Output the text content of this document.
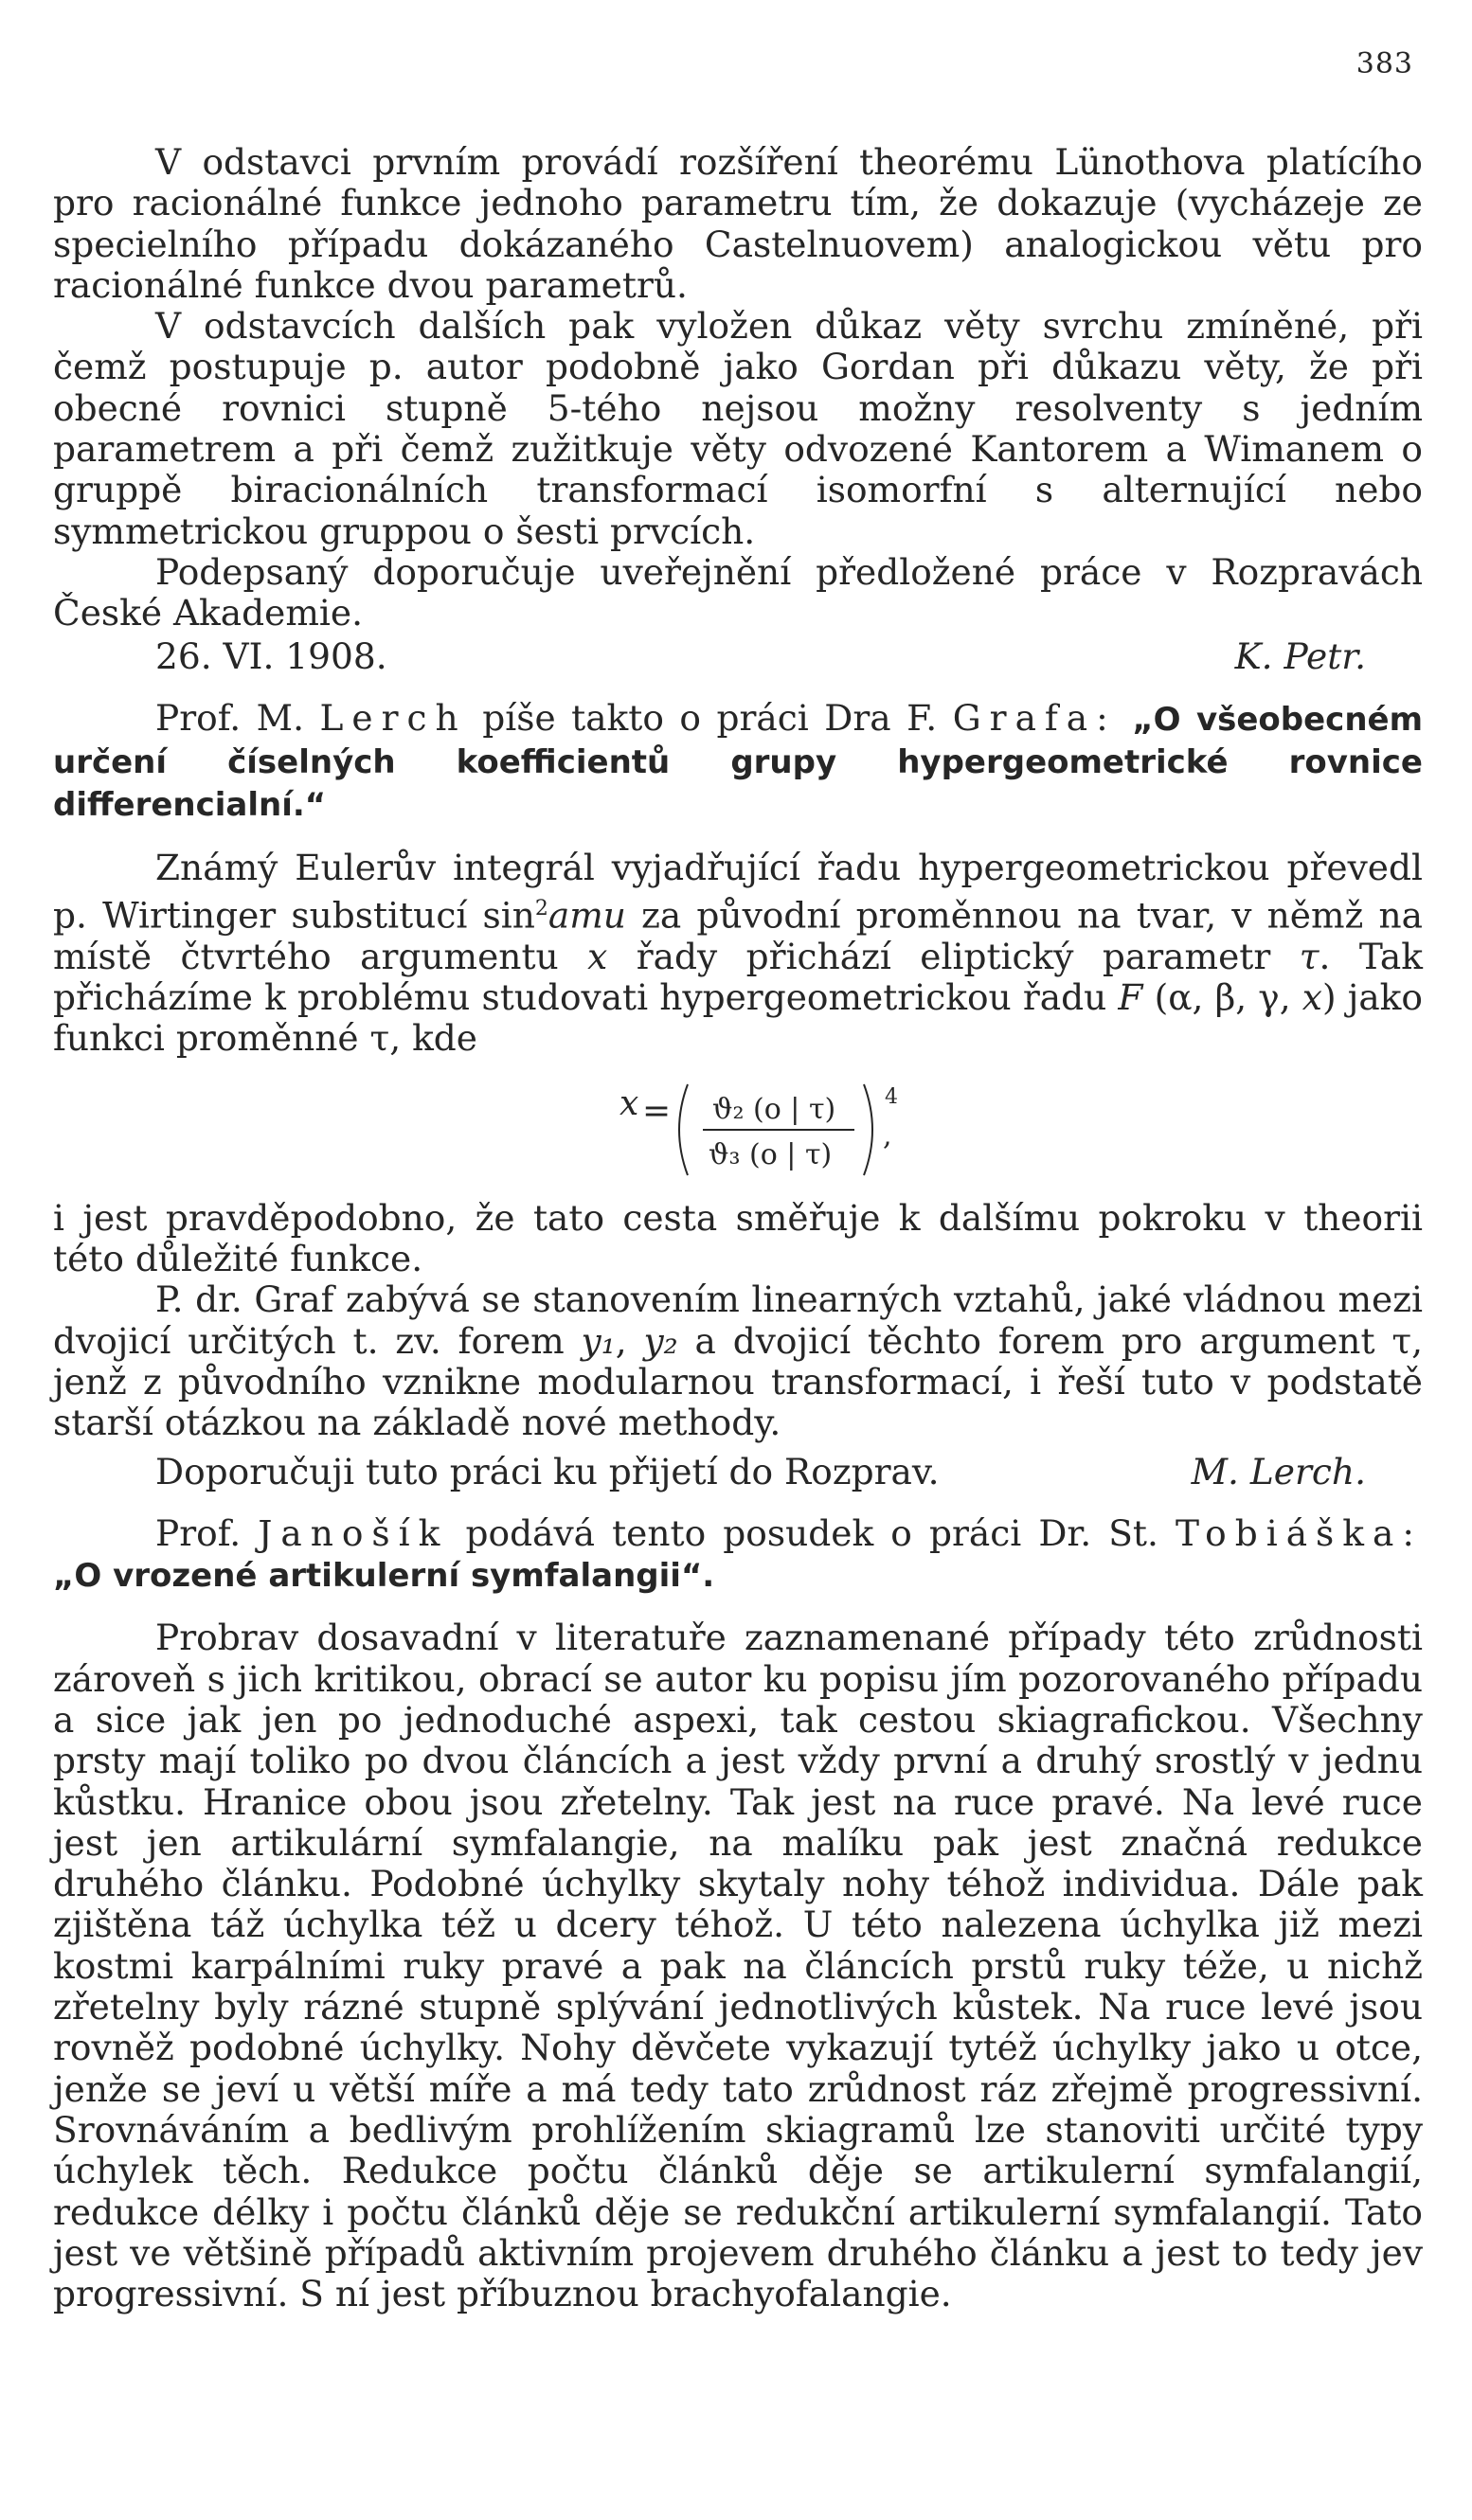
383

V odstavci prvním provádí rozšíření theorému Lünothova platícího pro racionálné funkce jednoho parametru tím, že dokazuje (vycházeje ze specielního případu dokázaného Castelnuovem) analogickou větu pro racionálné funkce dvou parametrů.

V odstavcích dalších pak vyložen důkaz věty svrchu zmíněné, při čemž postupuje p. autor podobně jako Gordan při důkazu věty, že při obecné rovnici stupně 5-tého nejsou možny resolventy s jedním parametrem a při čemž zužitkuje věty odvozené Kantorem a Wimanem o gruppě biracionálních transformací isomorfní s alternující nebo symmetrickou gruppou o šesti prvcích.

Podepsaný doporučuje uveřejnění předložené práce v Rozpravách České Akademie.

26. VI. 1908.	K. Petr.

Prof. M. Lerch píše takto o práci Dra F. Grafa: „O všeobecném určení číselných koefficientů grupy hypergeometrické rovnice differencialní.“

Známý Eulerův integrál vyjadřující řadu hypergeometrickou převedl p. Wirtinger substitucí $\sin^2amu$ za původní proměnnou na tvar, v němž na místě čtvrtého argumentu x řady přichází eliptický parametr τ. Tak přicházíme k problému studovati hypergeometrickou řadu F (α, β, γ, x) jako funkci proměnné τ, kde

x = ϑ₂ (o | τ)
ϑ₃ (o | τ)
4
,

i jest pravděpodobno, že tato cesta směřuje k dalšímu pokroku v theorii této důležité funkce.

P. dr. Graf zabývá se stanovením linearných vztahů, jaké vládnou mezi dvojicí určitých t. zv. forem y₁, y₂ a dvojicí těchto forem pro argument τ, jenž z původního vznikne modularnou transformací, i řeší tuto v podstatě starší otázkou na základě nové methody.

Doporučuji tuto práci ku přijetí do Rozprav.	M. Lerch.

Prof. Janošík podává tento posudek o práci Dr. St. Tobiáška: „O vrozené artikulerní symfalangii“.

Probrav dosavadní v literatuře zaznamenané případy této zrůdnosti zároveň s jich kritikou, obrací se autor ku popisu jím pozorovaného případu a sice jak jen po jednoduché aspexi, tak cestou skiagrafickou. Všechny prsty mají toliko po dvou článcích a jest vždy první a druhý srostlý v jednu kůstku. Hranice obou jsou zřetelny. Tak jest na ruce pravé. Na levé ruce jest jen artikulární symfalangie, na malíku pak jest značná redukce druhého článku. Podobné úchylky skytaly nohy téhož individua. Dále pak zjištěna táž úchylka též u dcery téhož. U této nalezena úchylka již mezi kostmi karpálními ruky pravé a pak na článcích prstů ruky téže, u nichž zřetelny byly rázné stupně splývání jednotlivých kůstek. Na ruce levé jsou rovněž podobné úchylky. Nohy děvčete vykazují tytéž úchylky jako u otce, jenže se jeví u větší míře a má tedy tato zrůdnost ráz zřejmě progressivní. Srovnáváním a bedlivým prohlížením skiagramů lze stanoviti určité typy úchylek těch. Redukce počtu článků děje se artikulerní symfalangií, redukce délky i počtu článků děje se redukční artikulerní symfalangií. Tato jest ve většině případů aktivním projevem druhého článku a jest to tedy jev progressivní. S ní jest příbuznou brachyofalangie.
